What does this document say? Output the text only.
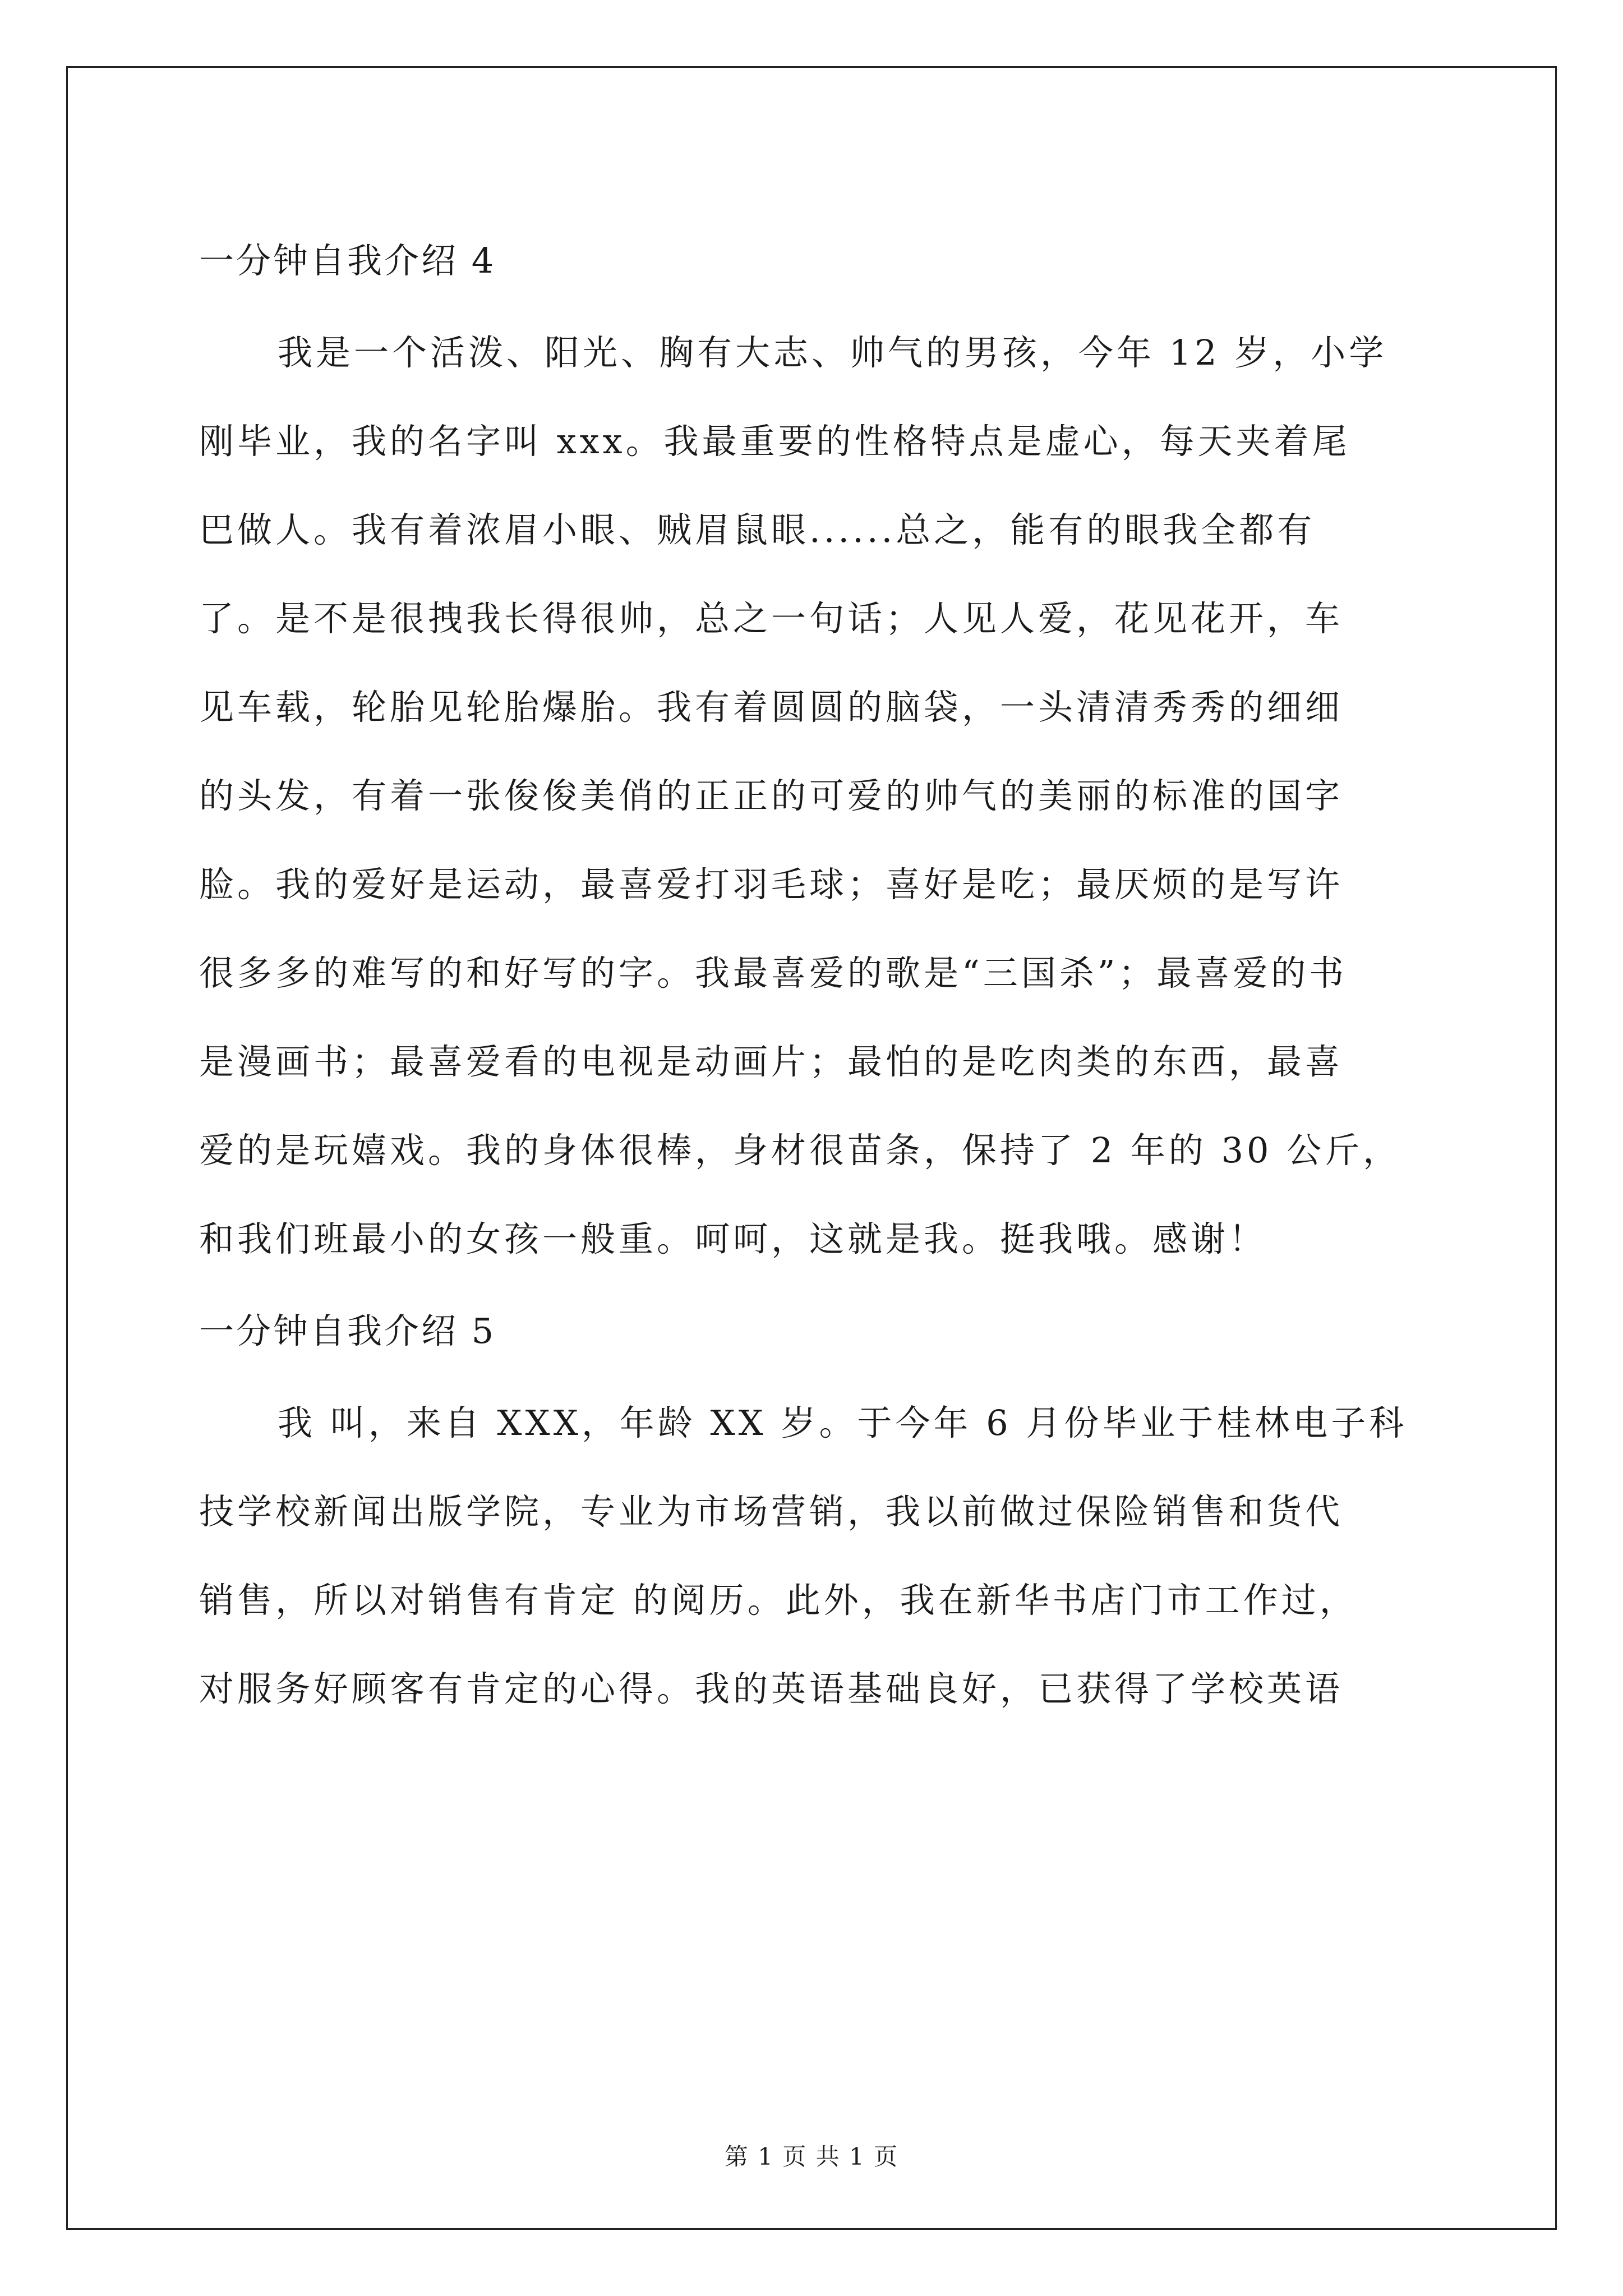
一分钟自我介绍 4

我是一个活泼、阳光、胸有大志、帅气的男孩，今年 12 岁，小学
刚毕业，我的名字叫 xxx。我最重要的性格特点是虚心，每天夹着尾
巴做人。我有着浓眉小眼、贼眉鼠眼......总之，能有的眼我全都有
了。是不是很拽我长得很帅，总之一句话；人见人爱，花见花开，车
见车载，轮胎见轮胎爆胎。我有着圆圆的脑袋，一头清清秀秀的细细
的头发，有着一张俊俊美俏的正正的可爱的帅气的美丽的标准的国字
脸。我的爱好是运动，最喜爱打羽毛球；喜好是吃；最厌烦的是写许
很多多的难写的和好写的字。我最喜爱的歌是“三国杀”；最喜爱的书
是漫画书；最喜爱看的电视是动画片；最怕的是吃肉类的东西，最喜
爱的是玩嬉戏。我的身体很棒，身材很苗条，保持了 2 年的 30 公斤，
和我们班最小的女孩一般重。呵呵，这就是我。挺我哦。感谢！

一分钟自我介绍 5

我 叫，来自 XXX，年龄 XX 岁。于今年 6 月份毕业于桂林电子科
技学校新闻出版学院，专业为市场营销，我以前做过保险销售和货代
销售，所以对销售有肯定 的阅历。此外，我在新华书店门市工作过，
对服务好顾客有肯定的心得。我的英语基础良好，已获得了学校英语

第 1 页 共 1 页
